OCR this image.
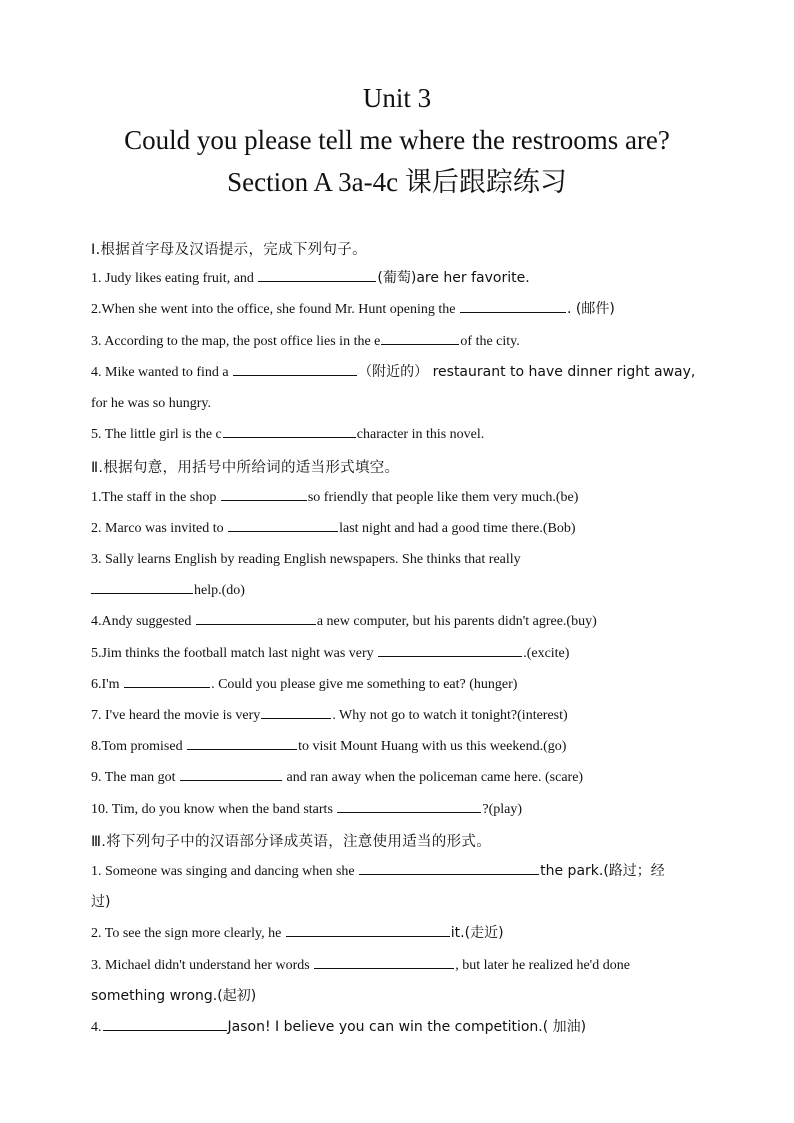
Unit 3
Could you please tell me where the restrooms are?
Section A 3a-4c 课后跟踪练习
Ⅰ.根据首字母及汉语提示，完成下列句子。
1. Judy likes eating fruit, and	(葡萄)are her favorite.
2.When she went into the office, she found Mr. Hunt opening the	. (邮件)
3. According to the map, the post office lies in the e	of the city.
4. Mike wanted to find a	（附近的） restaurant to have dinner right away,
for he was so hungry.
5. The little girl is the c	character in this novel.
Ⅱ.根据句意，用括号中所给词的适当形式填空。
1.The staff in the shop	so friendly that people like them very much.(be)
2. Marco was invited to	last night and had a good time there.(Bob)
3. Sally learns English by reading English newspapers. She thinks that really
help.(do)
4.Andy suggested	a new computer, but his parents didn't agree.(buy)
5.Jim thinks the football match last night was very	.(excite)
6.I'm	. Could you please give me something to eat? (hunger)
7. I've heard the movie is very	. Why not go to watch it tonight?(interest)
8.Tom promised	to visit Mount Huang with us this weekend.(go)
9. The man got	and ran away when the policeman came here. (scare)
10. Tim, do you know when the band starts	?(play)
Ⅲ.将下列句子中的汉语部分译成英语，注意使用适当的形式。
1. Someone was singing and dancing when she	the park.(路过；经
过)
2. To see the sign more clearly, he	it.(走近)
3. Michael didn't understand her words	, but later he realized he'd done
something wrong.(起初)
4.	Jason! I believe you can win the competition.( 加油)
